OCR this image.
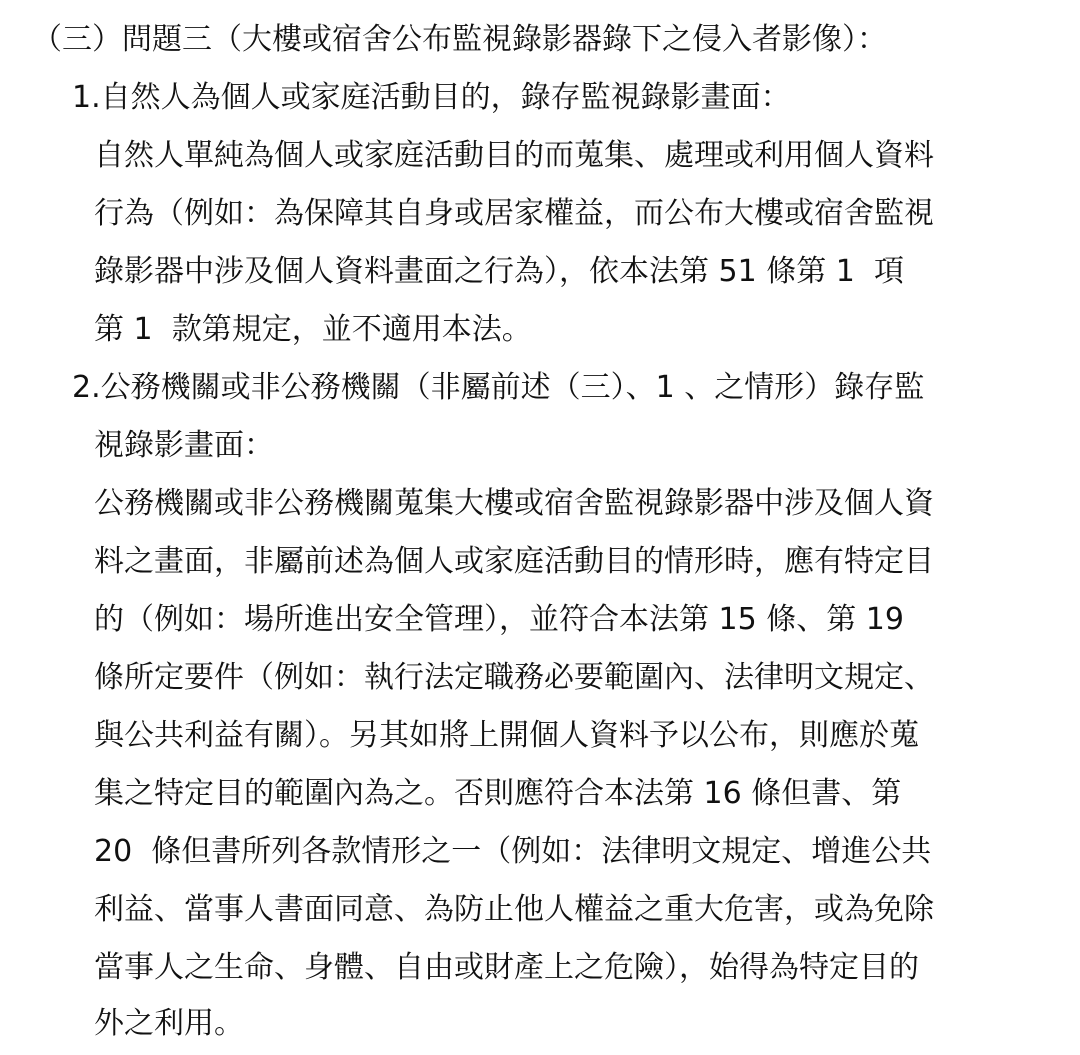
（三）問題三（大樓或宿舍公布監視錄影器錄下之侵入者影像）：
1.自然人為個人或家庭活動目的，錄存監視錄影畫面：
自然人單純為個人或家庭活動目的而蒐集、處理或利用個人資料
行為（例如：為保障其自身或居家權益，而公布大樓或宿舍監視
錄影器中涉及個人資料畫面之行為），依本法第 51 條第 1  項
第 1  款第規定，並不適用本法。
2.公務機關或非公務機關（非屬前述（三）、1 、之情形）錄存監
視錄影畫面：
公務機關或非公務機關蒐集大樓或宿舍監視錄影器中涉及個人資
料之畫面，非屬前述為個人或家庭活動目的情形時，應有特定目
的（例如：場所進出安全管理），並符合本法第 15 條、第 19
條所定要件（例如：執行法定職務必要範圍內、法律明文規定、
與公共利益有關）。另其如將上開個人資料予以公布，則應於蒐
集之特定目的範圍內為之。否則應符合本法第 16 條但書、第
20  條但書所列各款情形之一（例如：法律明文規定、增進公共
利益、當事人書面同意、為防止他人權益之重大危害，或為免除
當事人之生命、身體、自由或財產上之危險），始得為特定目的
外之利用。
